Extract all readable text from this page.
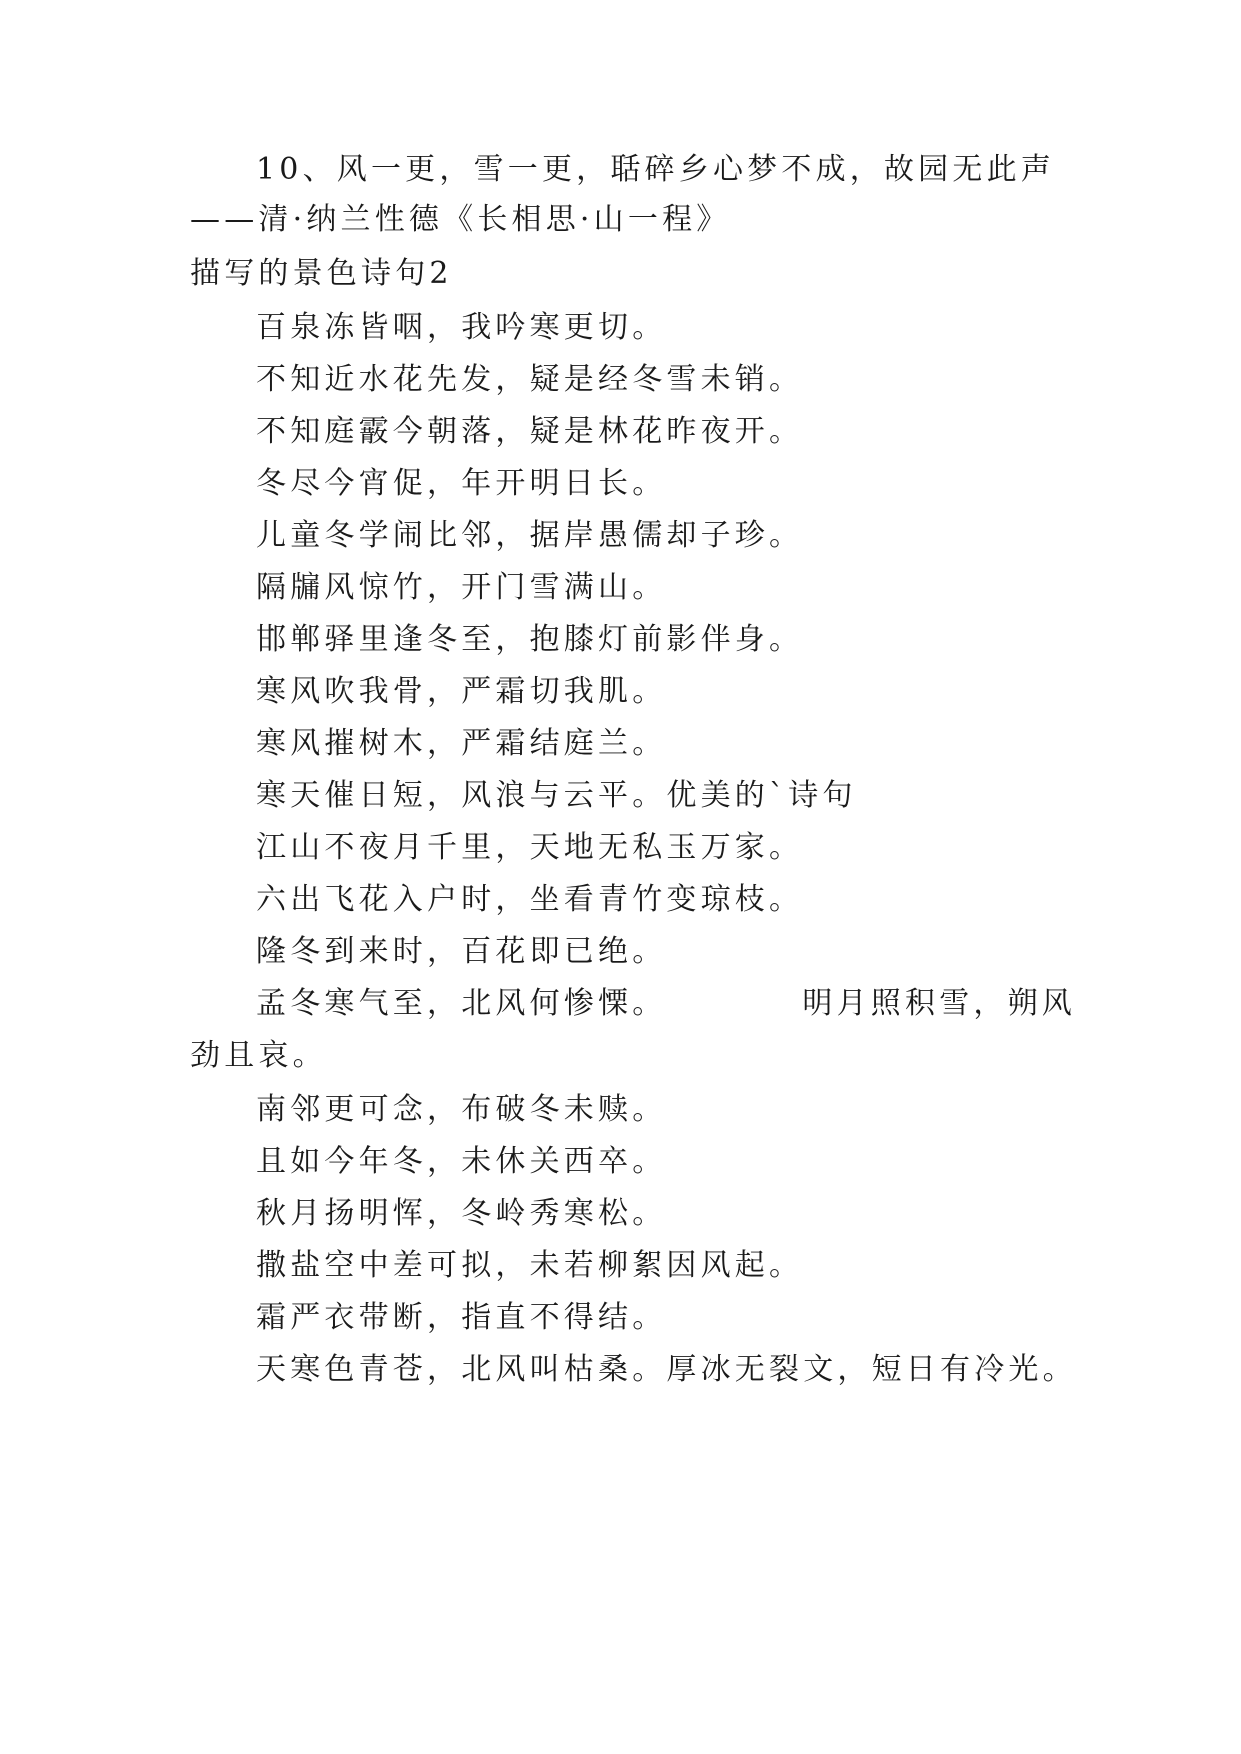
10、风一更，雪一更，聒碎乡心梦不成，故园无此声
——清·纳兰性德《长相思·山一程》
描写的景色诗句2
百泉冻皆咽，我吟寒更切。
不知近水花先发，疑是经冬雪未销。
不知庭霰今朝落，疑是林花昨夜开。
冬尽今宵促，年开明日长。
儿童冬学闹比邻，据岸愚儒却子珍。
隔牖风惊竹，开门雪满山。
邯郸驿里逢冬至，抱膝灯前影伴身。
寒风吹我骨，严霜切我肌。
寒风摧树木，严霜结庭兰。
寒天催日短，风浪与云平。优美的`诗句
江山不夜月千里，天地无私玉万家。
六出飞花入户时，坐看青竹变琼枝。
隆冬到来时，百花即已绝。
孟冬寒气至，北风何惨慄。	明月照积雪，朔风
劲且哀。
南邻更可念，布破冬未赎。
且如今年冬，未休关西卒。
秋月扬明恽，冬岭秀寒松。
撒盐空中差可拟，未若柳絮因风起。
霜严衣带断，指直不得结。
天寒色青苍，北风叫枯桑。厚冰无裂文，短日有冷光。
